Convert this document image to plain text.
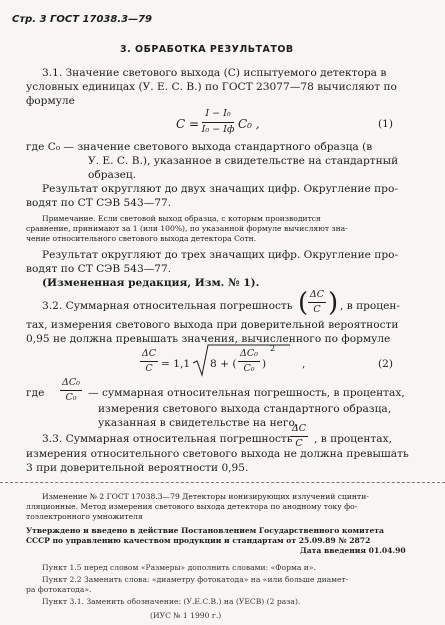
Стр. 3 ГОСТ 17038.3—79
3. ОБРАБОТКА РЕЗУЛЬТАТОВ
3.1. Значение светового выхода (C) испытуемого детектора в
условных единицах (У. Е. С. В.) по ГОСТ 23077—78 вычисляют по
формуле
C =
I − I₀
I₀ − Iф C₀ ,	(1)
где C₀ — значение светового выхода стандартного образца (в
У. Е. С. В.), указанное в свидетельстве на стандартный
образец.
Результат округляют до двух значащих цифр. Округление про-
водят по СТ СЭВ 543—77.
Примечание. Если световой выход образца, с которым производится
сравнение, принимают за 1 (или 100%), по указанной формуле вычисляют зна-
чение относительного светового выхода детектора Cотн.
Результат округляют до трех значащих цифр. Округление про-
водят по СТ СЭВ 543—77.
(Измененная редакция, Изм. № 1).
3.2. Суммарная относительная погрешность ( ΔC
C ) , в процен-
тах, измерения светового выхода при доверительной вероятности
0,95 не должна превышать значения, вычисленного по формуле
ΔC
C = 1,1 8 + (
ΔC₀
C₀ )
2
,	(2)
где
ΔC₀
C₀	— суммарная относительная погрешность, в процентах,
измерения светового выхода стандартного образца,
указанная в свидетельстве на него.
3.3. Суммарная относительная погрешность
ΔC
C	, в процентах,
измерения относительного светового выхода не должна превышать
3 при доверительной вероятности 0,95.
Изменение № 2 ГОСТ 17038.3—79 Детекторы ионизирующих излучений сцинти-
лляционные. Метод измерения светового выхода детектора по анодному току фо-
тоэлектронного умножителя
Утверждено и введено в действие Постановлением Государственного комитета
СССР по управлению качеством продукции и стандартам от 25.09.89 № 2872
Дата введения 01.04.90
Пункт 1.5 перед словом «Размеры» дополнить словами: «Форма и».
Пункт 2.2 Заменить слова: «диаметру фотокатода» на «или больше диамет-
ра фотокатода».
Пункт 3.1. Заменить обозначение: (У.Е.С.В.) на (УЕСВ) (2 раза).
(ИУС № 1 1990 г.)
